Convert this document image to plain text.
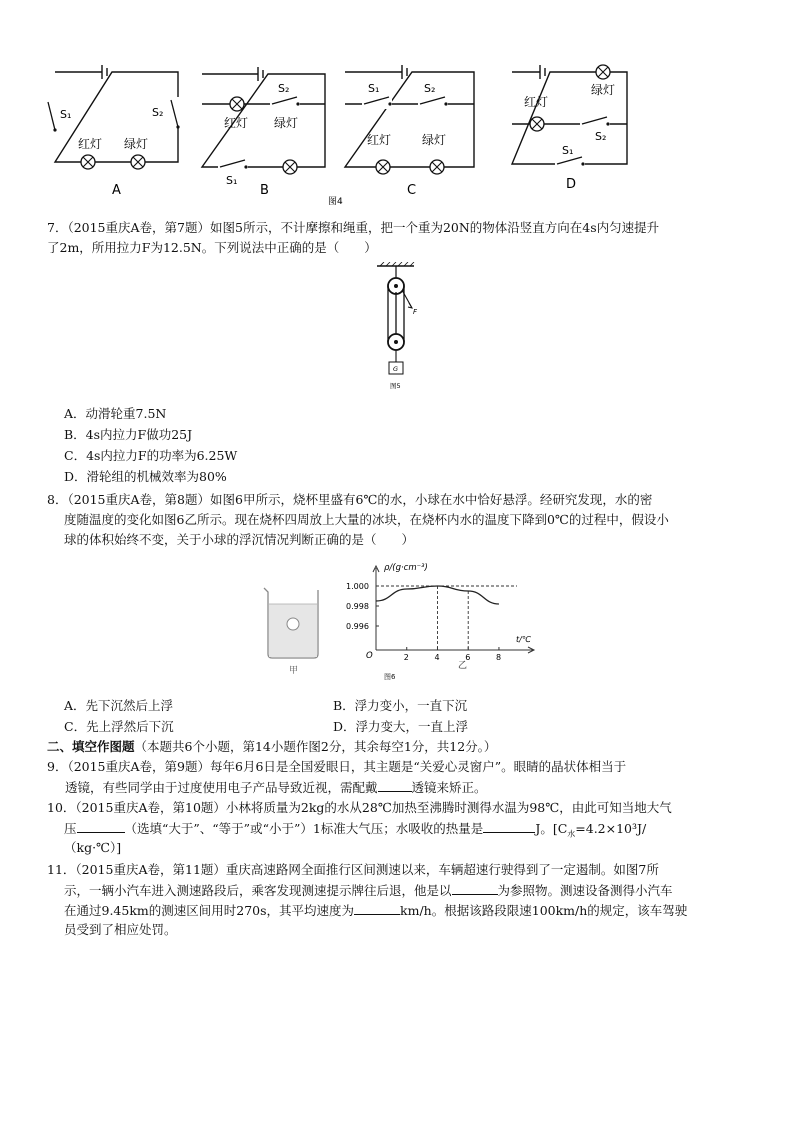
S₁	S₂
红灯 绿灯
A
S₂
红灯 绿灯
S₁
B
S₁	S₂
红灯	绿灯
C
绿灯
红灯
S₂
S₁
D
图4
7．（2015重庆A卷，第7题）如图5所示，不计摩擦和绳重，把一个重为20N的物体沿竖直方向在4s内匀速提升
了2m，所用拉力F为12.5N。下列说法中正确的是（　　）
F
G
图5
A．动滑轮重7.5N
B．4s内拉力F做功25J
C．4s内拉力F的功率为6.25W
D．滑轮组的机械效率为80%
8．（2015重庆A卷，第8题）如图6甲所示，烧杯里盛有6℃的水，小球在水中恰好悬浮。经研究发现，水的密
度随温度的变化如图6乙所示。现在烧杯四周放上大量的冰块，在烧杯内水的温度下降到0℃的过程中，假设小
球的体积始终不变，关于小球的浮沉情况判断正确的是（　　）
甲
2	4	6	8
1.000
0.998
0.996
ρ/(g·cm⁻³)
t/℃
O
乙
图6
A．先下沉然后上浮	B．浮力变小，一直下沉
C．先上浮然后下沉	D．浮力变大，一直上浮
二、填空作图题（本题共6个小题，第14小题作图2分，其余每空1分，共12分。）
9．（2015重庆A卷，第9题）每年6月6日是全国爱眼日，其主题是“关爱心灵窗户”。眼睛的晶状体相当于
透镜，有些同学由于过度使用电子产品导致近视，需配戴	透镜来矫正。
10．（2015重庆A卷，第10题）小林将质量为2kg的水从28℃加热至沸腾时测得水温为98℃，由此可知当地大气
压	（选填“大于”、“等于”或“小于”）1标准大气压；水吸收的热量是	J。[$C_水=4.2\times 10^3J/$
（kg·℃）]
11．（2015重庆A卷，第11题）重庆高速路网全面推行区间测速以来，车辆超速行驶得到了一定遏制。如图7所
示，一辆小汽车进入测速路段后，乘客发现测速提示牌往后退，他是以	为参照物。测速设备测得小汽车
在通过9.45km的测速区间用时270s，其平均速度为	km/h。根据该路段限速100km/h的规定，该车驾驶
员受到了相应处罚。
